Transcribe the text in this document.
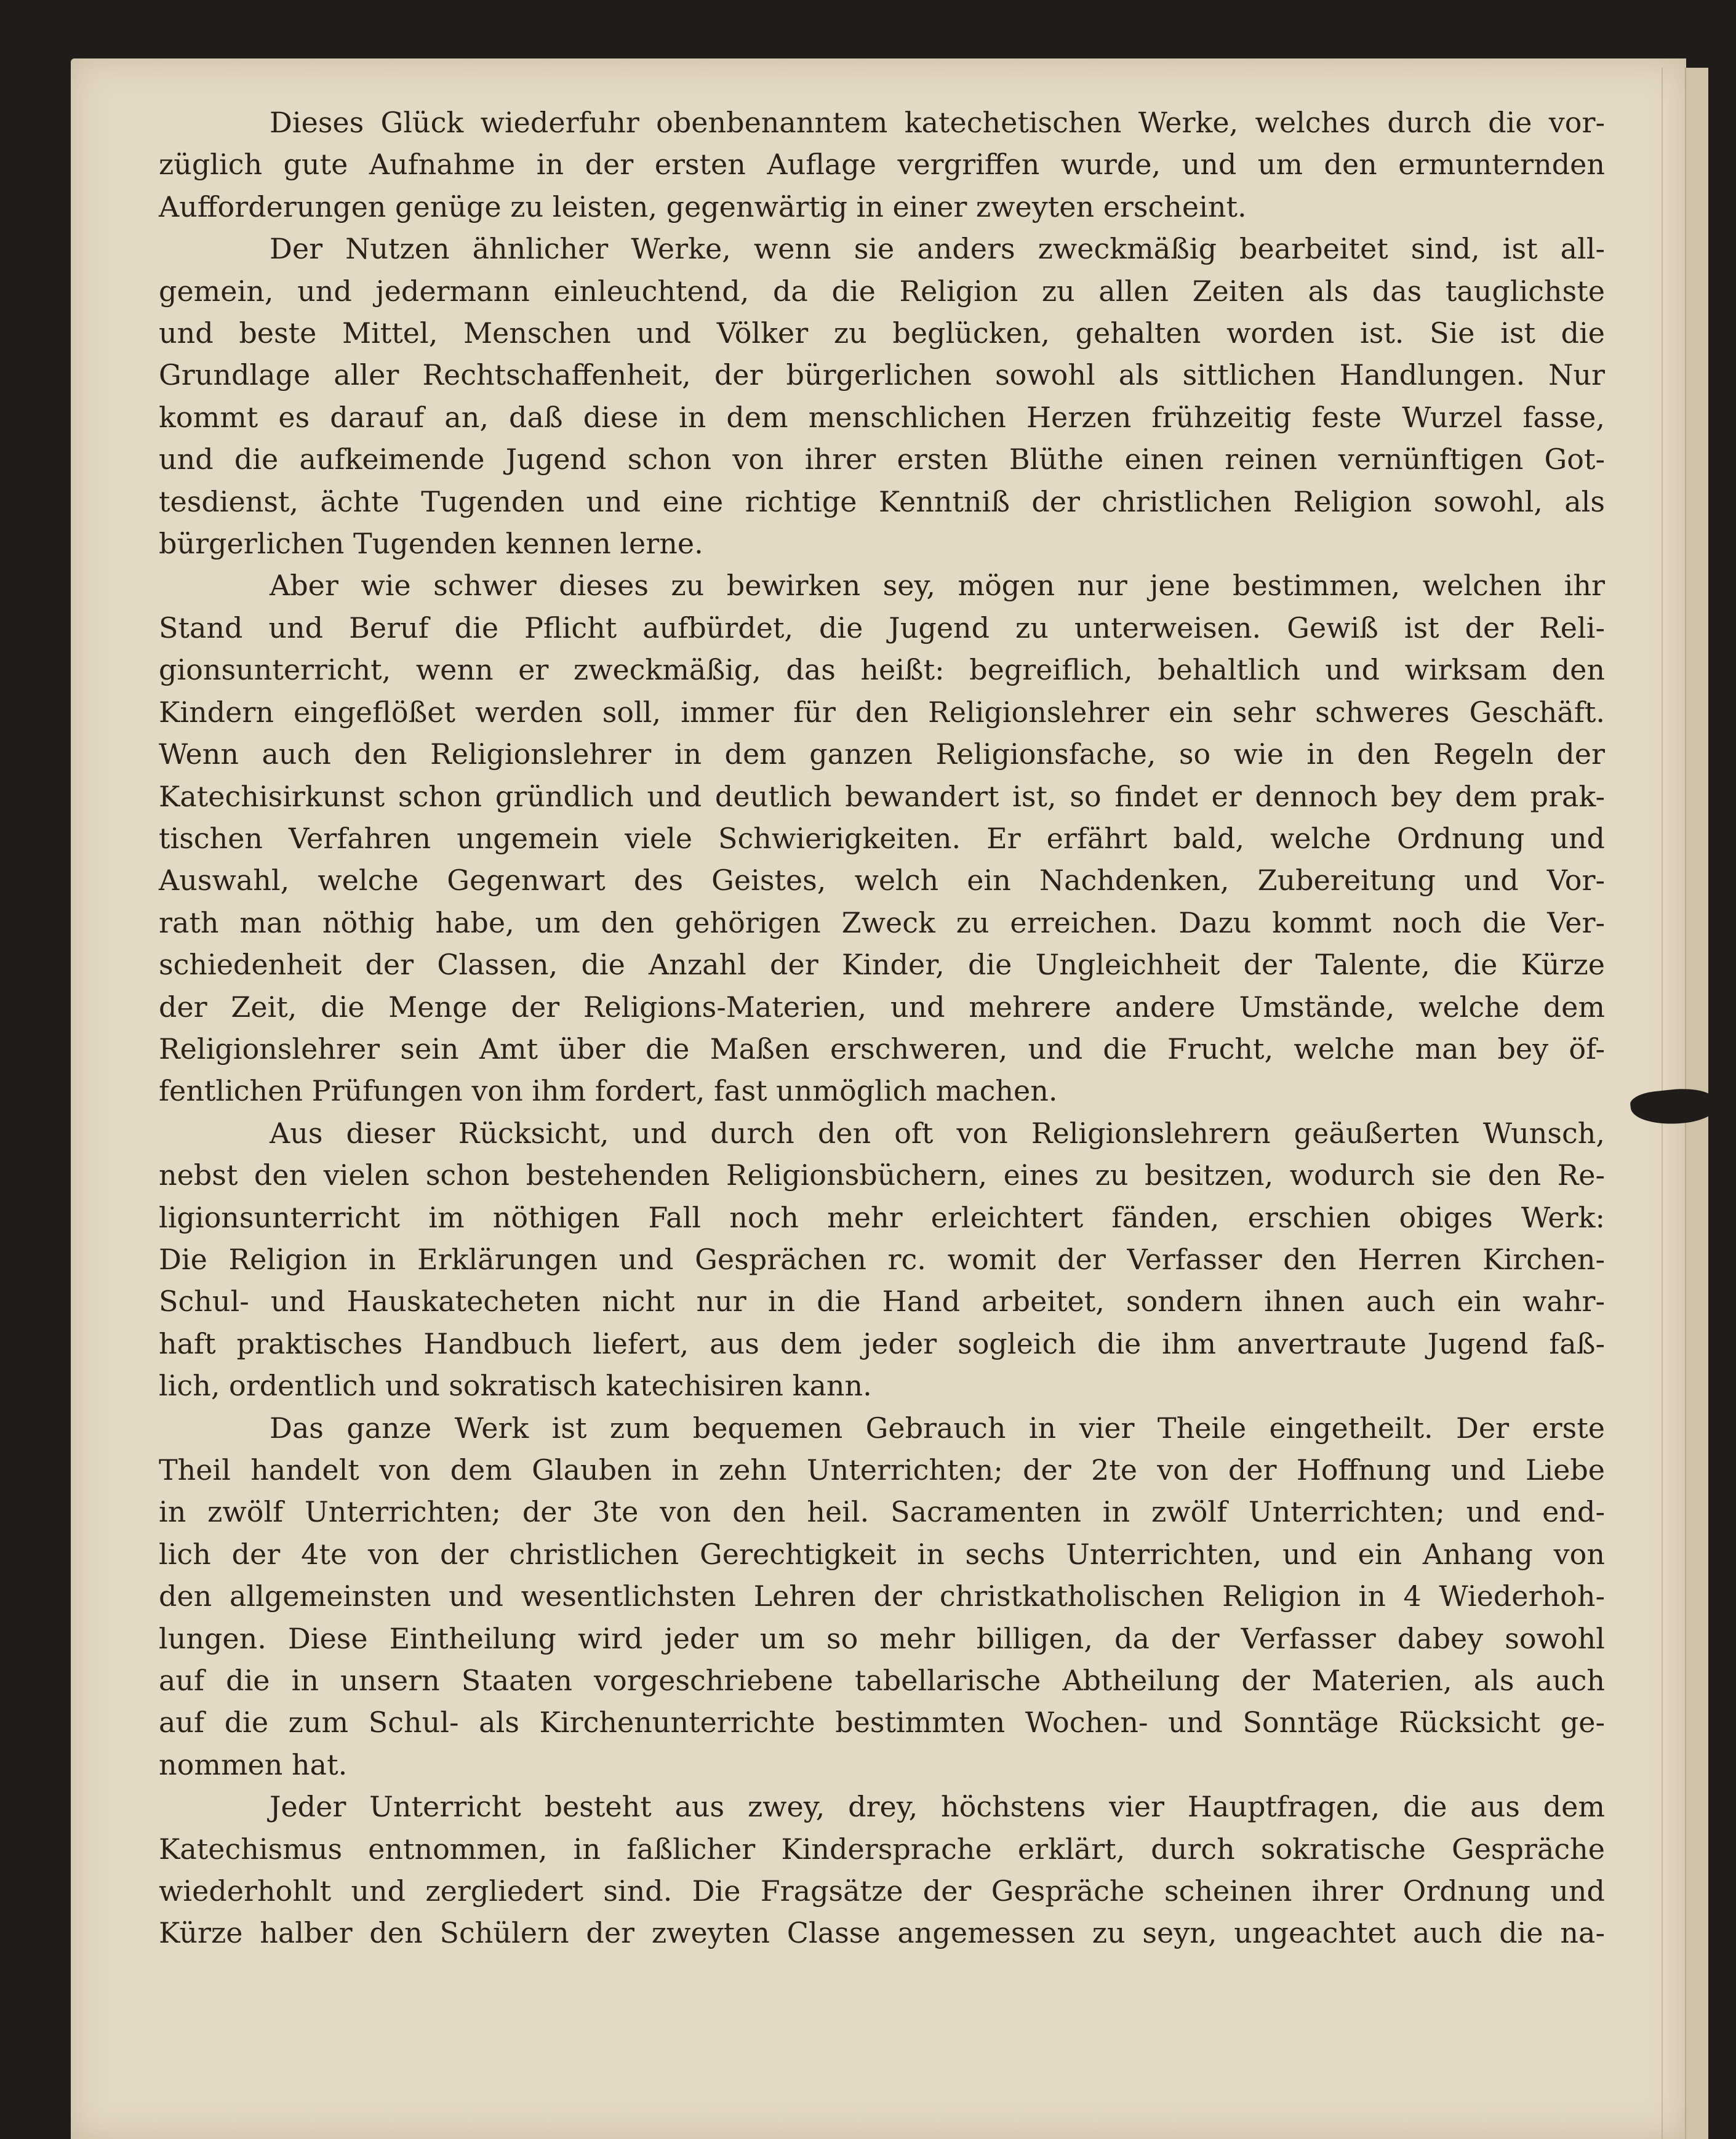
Dieses Glück wiederfuhr obenbenanntem katechetischen Werke, welches durch die vor-
züglich gute Aufnahme in der ersten Auflage vergriffen wurde, und um den ermunternden
Aufforderungen genüge zu leisten, gegenwärtig in einer zweyten erscheint.
Der Nutzen ähnlicher Werke, wenn sie anders zweckmäßig bearbeitet sind, ist all-
gemein, und jedermann einleuchtend, da die Religion zu allen Zeiten als das tauglichste
und beste Mittel, Menschen und Völker zu beglücken, gehalten worden ist. Sie ist die
Grundlage aller Rechtschaffenheit, der bürgerlichen sowohl als sittlichen Handlungen. Nur
kommt es darauf an, daß diese in dem menschlichen Herzen frühzeitig feste Wurzel fasse,
und die aufkeimende Jugend schon von ihrer ersten Blüthe einen reinen vernünftigen Got-
tesdienst, ächte Tugenden und eine richtige Kenntniß der christlichen Religion sowohl, als
bürgerlichen Tugenden kennen lerne.
Aber wie schwer dieses zu bewirken sey, mögen nur jene bestimmen, welchen ihr
Stand und Beruf die Pflicht aufbürdet, die Jugend zu unterweisen. Gewiß ist der Reli-
gionsunterricht, wenn er zweckmäßig, das heißt: begreiflich, behaltlich und wirksam den
Kindern eingeflößet werden soll, immer für den Religionslehrer ein sehr schweres Geschäft.
Wenn auch den Religionslehrer in dem ganzen Religionsfache, so wie in den Regeln der
Katechisirkunst schon gründlich und deutlich bewandert ist, so findet er dennoch bey dem prak-
tischen Verfahren ungemein viele Schwierigkeiten. Er erfährt bald, welche Ordnung und
Auswahl, welche Gegenwart des Geistes, welch ein Nachdenken, Zubereitung und Vor-
rath man nöthig habe, um den gehörigen Zweck zu erreichen. Dazu kommt noch die Ver-
schiedenheit der Classen, die Anzahl der Kinder, die Ungleichheit der Talente, die Kürze
der Zeit, die Menge der Religions-Materien, und mehrere andere Umstände, welche dem
Religionslehrer sein Amt über die Maßen erschweren, und die Frucht, welche man bey öf-
fentlichen Prüfungen von ihm fordert, fast unmöglich machen.
Aus dieser Rücksicht, und durch den oft von Religionslehrern geäußerten Wunsch,
nebst den vielen schon bestehenden Religionsbüchern, eines zu besitzen, wodurch sie den Re-
ligionsunterricht im nöthigen Fall noch mehr erleichtert fänden, erschien obiges Werk:
Die Religion in Erklärungen und Gesprächen rc. womit der Verfasser den Herren Kirchen-
Schul- und Hauskatecheten nicht nur in die Hand arbeitet, sondern ihnen auch ein wahr-
haft praktisches Handbuch liefert, aus dem jeder sogleich die ihm anvertraute Jugend faß-
lich, ordentlich und sokratisch katechisiren kann.
Das ganze Werk ist zum bequemen Gebrauch in vier Theile eingetheilt. Der erste
Theil handelt von dem Glauben in zehn Unterrichten; der 2te von der Hoffnung und Liebe
in zwölf Unterrichten; der 3te von den heil. Sacramenten in zwölf Unterrichten; und end-
lich der 4te von der christlichen Gerechtigkeit in sechs Unterrichten, und ein Anhang von
den allgemeinsten und wesentlichsten Lehren der christkatholischen Religion in 4 Wiederhoh-
lungen. Diese Eintheilung wird jeder um so mehr billigen, da der Verfasser dabey sowohl
auf die in unsern Staaten vorgeschriebene tabellarische Abtheilung der Materien, als auch
auf die zum Schul- als Kirchenunterrichte bestimmten Wochen- und Sonntäge Rücksicht ge-
nommen hat.
Jeder Unterricht besteht aus zwey, drey, höchstens vier Hauptfragen, die aus dem
Katechismus entnommen, in faßlicher Kindersprache erklärt, durch sokratische Gespräche
wiederhohlt und zergliedert sind. Die Fragsätze der Gespräche scheinen ihrer Ordnung und
Kürze halber den Schülern der zweyten Classe angemessen zu seyn, ungeachtet auch die na-
